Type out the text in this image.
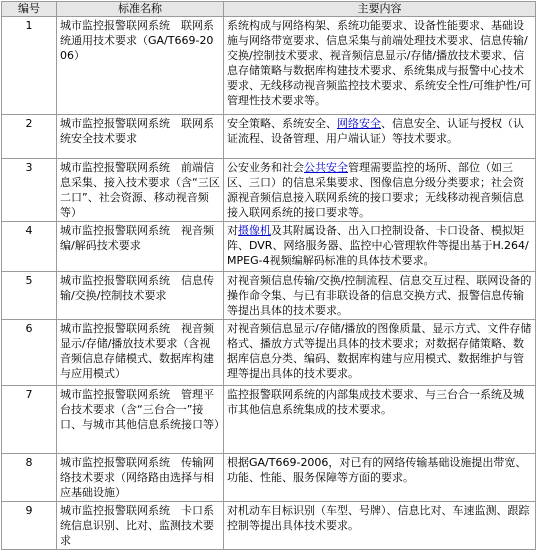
编号	标准名称	主要内容
1	城市监控报警联网系统　联网系统通用技术要求（GA/T669-2006）	系统构成与网络构架、系统功能要求、设备性能要求、基础设施与网络带宽要求、信息采集与前端处理技术要求、信息传输/交换/控制技术要求、视音频信息显示/存储/播放技术要求、信息存储策略与数据库构建技术要求、系统集成与报警中心技术要求、无线移动视音频监控技术要求、系统安全性/可维护性/可管理性技术要求等。
2	城市监控报警联网系统　联网系统安全技术要求	安全策略、系统安全、网络安全、信息安全、认证与授权（认证流程、设备管理、用户端认证）等技术要求。
3	城市监控报警联网系统　前端信息采集、接入技术要求（含“三区二口”、社会资源、移动视音频等）	公安业务和社会公共安全管理需要监控的场所、部位（如三区、三口）的信息采集要求、图像信息分级分类要求；社会资源视音频信息接入联网系统的接口要求；无线移动视音频信息接入联网系统的接口要求等。
4	城市监控报警联网系统　视音频编/解码技术要求	对摄像机及其附属设备、出入口控制设备、卡口设备、模拟矩阵、DVR、网络服务器、监控中心管理软件等提出基于H.264/MPEG-4视频编解码标准的具体技术要求。
5	城市监控报警联网系统　信息传输/交换/控制技术要求	对视音频信息传输/交换/控制流程、信息交互过程、联网设备的操作命令集、与已有非联设备的信息交换方式、报警信息传输等提出具体的技术要求。
6	城市监控报警联网系统　视音频显示/存储/播放技术要求（含视音频信息存储模式、数据库构建与应用模式）	对视音频信息显示/存储/播放的图像质量、显示方式、文件存储格式、播放方式等提出具体的技术要求；对数据存储策略、数据库信息分类、编码、数据库构建与应用模式、数据维护与管理等提出具体的技术要求。
7	城市监控报警联网系统　管理平台技术要求（含“三台合一”接口、与城市其他信息系统接口等）	监控报警联网系统的内部集成技术要求、与三台合一系统及城市其他信息系统集成的技术要求。
8	城市监控报警联网系统　传输网络技术要求（网络路由选择与相应基础设施）	根据GA/T669-2006，对已有的网络传输基础设施提出带宽、功能、性能、服务保障等方面的要求。
9	城市监控报警联网系统　卡口系统信息识别、比对、监测技术要求	对机动车目标识别（车型、号牌）、信息比对、车速监测、跟踪控制等提出具体技术要求。
